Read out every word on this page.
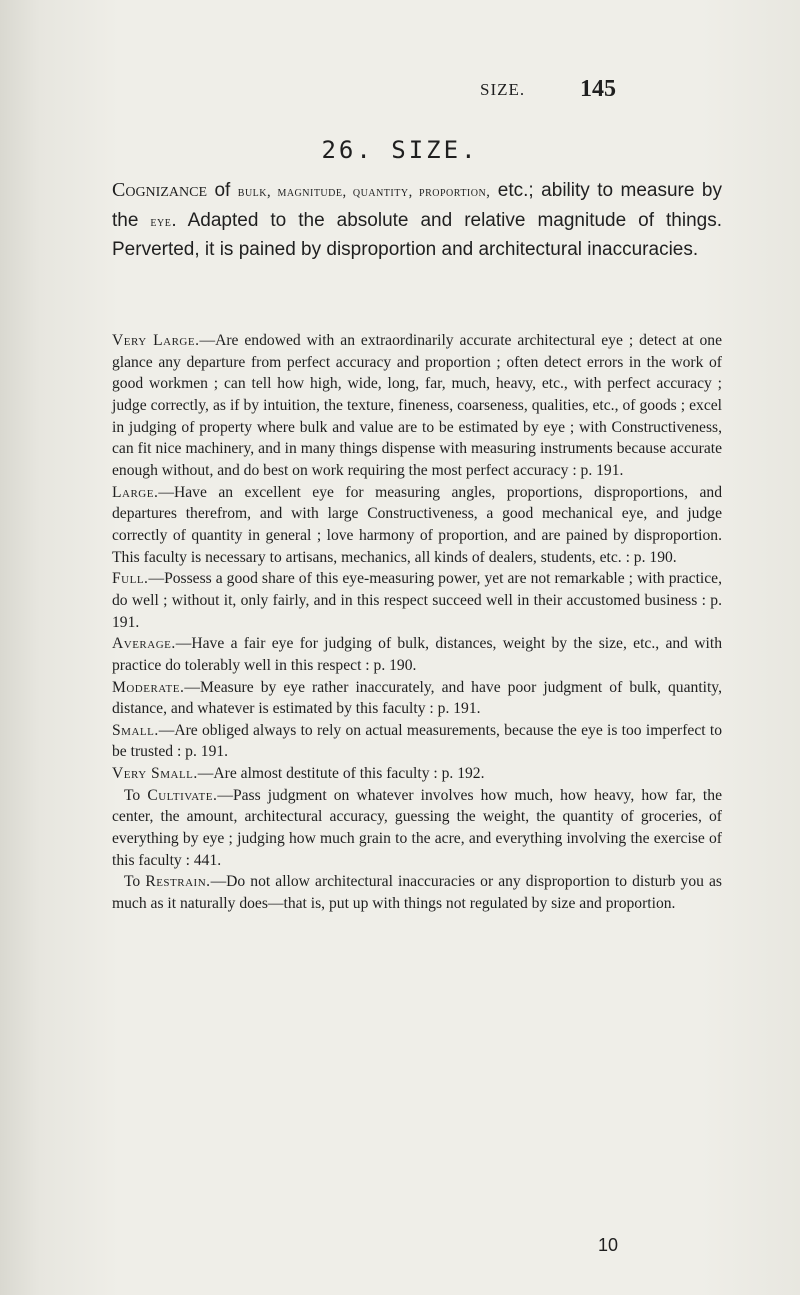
SIZE. 145
26. SIZE.

Cognizance of bulk, magnitude, quantity, proportion, etc.; ability to measure by the eye. Adapted to the absolute and relative magnitude of things. Perverted, it is pained by disproportion and architectural inaccuracies.

Very Large.—Are endowed with an extraordinarily accurate architectural eye ; detect at one glance any departure from perfect accuracy and proportion ; often detect errors in the work of good workmen ; can tell how high, wide, long, far, much, heavy, etc., with perfect accuracy ; judge correctly, as if by intuition, the texture, fineness, coarseness, qualities, etc., of goods ; excel in judging of property where bulk and value are to be estimated by eye ; with Constructiveness, can fit nice machinery, and in many things dispense with measuring instruments because accurate enough without, and do best on work requiring the most perfect accuracy : p. 191.

Large.—Have an excellent eye for measuring angles, proportions, disproportions, and departures therefrom, and with large Constructiveness, a good mechanical eye, and judge correctly of quantity in general ; love harmony of proportion, and are pained by disproportion. This faculty is necessary to artisans, mechanics, all kinds of dealers, students, etc. : p. 190.

Full.—Possess a good share of this eye-measuring power, yet are not remarkable ; with practice, do well ; without it, only fairly, and in this respect succeed well in their accustomed business : p. 191.

Average.—Have a fair eye for judging of bulk, distances, weight by the size, etc., and with practice do tolerably well in this respect : p. 190.

Moderate.—Measure by eye rather inaccurately, and have poor judgment of bulk, quantity, distance, and whatever is estimated by this faculty : p. 191.

Small.—Are obliged always to rely on actual measurements, because the eye is too imperfect to be trusted : p. 191.

Very Small.—Are almost destitute of this faculty : p. 192.

To Cultivate.—Pass judgment on whatever involves how much, how heavy, how far, the center, the amount, architectural accuracy, guessing the weight, the quantity of groceries, of everything by eye ; judging how much grain to the acre, and everything involving the exercise of this faculty : 441.

To Restrain.—Do not allow architectural inaccuracies or any disproportion to disturb you as much as it naturally does—that is, put up with things not regulated by size and proportion.

10
